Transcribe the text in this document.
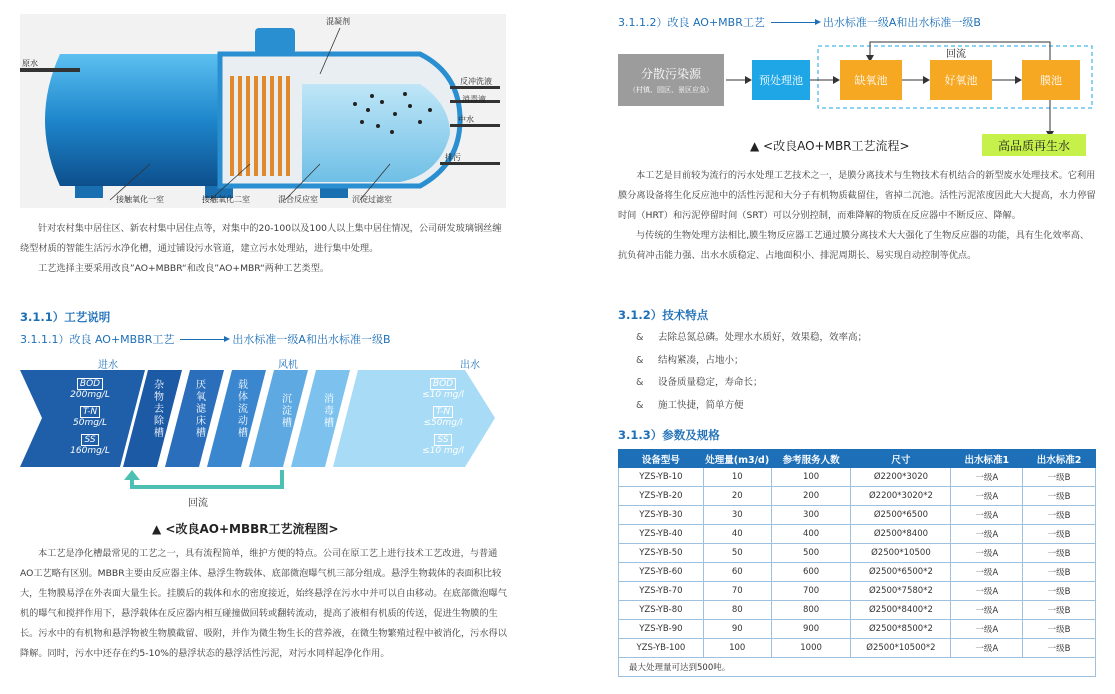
原水
混凝剂
反冲洗液
消毒液
中水
排污
接触氧化一室	接触氧化二室	混合反应室	沉淀过滤室

针对农村集中居住区、新农村集中居住点等，对集中的20-100以及100人以上集中居住情况，公司研发玻璃钢丝缠绕型材质的智能生活污水净化槽，通过铺设污水管道，建立污水处理站，进行集中处理。

工艺选择主要采用改良”AO+MBBR“和改良”AO+MBR“两种工艺类型。

3.1.1）工艺说明
3.1.1.1）改良 AO+MBBR工艺	出水标准一级A和出水标准一级B
进水	风机	出水
回流
BOD
200mg/L
T-N
50mg/L
SS
160mg/L
杂物去除槽
厌氧滤床槽
载体流动槽
沉淀槽
消毒槽
BOD
≤10 mg/l
T-N
≤50mg/l
SS
≤10 mg/l
▲ <改良AO+MBBR工艺流程图>

本工艺是净化槽最常见的工艺之一，具有流程简单，维护方便的特点。公司在原工艺上进行技术工艺改进，与普通AO工艺略有区别。MBBR主要由反应器主体、悬浮生物载体、底部微泡曝气机三部分组成。悬浮生物载体的表面积比较大，生物膜易浮在外表面大量生长。挂膜后的载体和水的密度接近，始终悬浮在污水中并可以自由移动。在底部微泡曝气机的曝气和搅拌作用下，悬浮载体在反应器内相互碰撞做回转或翻转流动，提高了液相有机质的传送，促进生物膜的生长。污水中的有机物和悬浮物被生物膜截留、吸附，并作为微生物生长的营养液，在微生物繁殖过程中被消化，污水得以降解。同时，污水中还存在约5-10%的悬浮状态的悬浮活性污泥，对污水同样起净化作用。

3.1.1.2）改良 AO+MBR工艺	出水标准一级A和出水标准一级B
分散污染源
（村镇、园区、景区应急）
预处理池	缺氧池	好氧池	膜池
回流
高品质再生水
▲ <改良AO+MBR工艺流程>

本工艺是目前较为流行的污水处理工艺技术之一，是膜分离技术与生物技术有机结合的新型废水处理技术。它利用膜分离设备将生化反应池中的活性污泥和大分子有机物质截留住，省掉二沉池。活性污泥浓度因此大大提高，水力停留时间（HRT）和污泥停留时间（SRT）可以分别控制，而难降解的物质在反应器中不断反应、降解。

与传统的生物处理方法相比,膜生物反应器工艺通过膜分离技术大大强化了生物反应器的功能，具有生化效率高、抗负荷冲击能力强、出水水质稳定、占地面积小、排泥周期长、易实现自动控制等优点。

3.1.2）技术特点
& 去除总氮总磷。处理水水质好，效果稳，效率高；
& 结构紧凑，占地小；
& 设备质量稳定，寿命长；
& 施工快捷，简单方便
3.1.3）参数及规格
设备型号	处理量(m3/d)	参考服务人数	尺寸	出水标准1	出水标准2
YZS-YB-10	10	100	Ø2200*3020	一级A	一级B
YZS-YB-20	20	200	Ø2200*3020*2	一级A	一级B
YZS-YB-30	30	300	Ø2500*6500	一级A	一级B
YZS-YB-40	40	400	Ø2500*8400	一级A	一级B
YZS-YB-50	50	500	Ø2500*10500	一级A	一级B
YZS-YB-60	60	600	Ø2500*6500*2	一级A	一级B
YZS-YB-70	70	700	Ø2500*7580*2	一级A	一级B
YZS-YB-80	80	800	Ø2500*8400*2	一级A	一级B
YZS-YB-90	90	900	Ø2500*8500*2	一级A	一级B
YZS-YB-100	100	1000	Ø2500*10500*2	一级A	一级B
最大处理量可达到500吨。					
